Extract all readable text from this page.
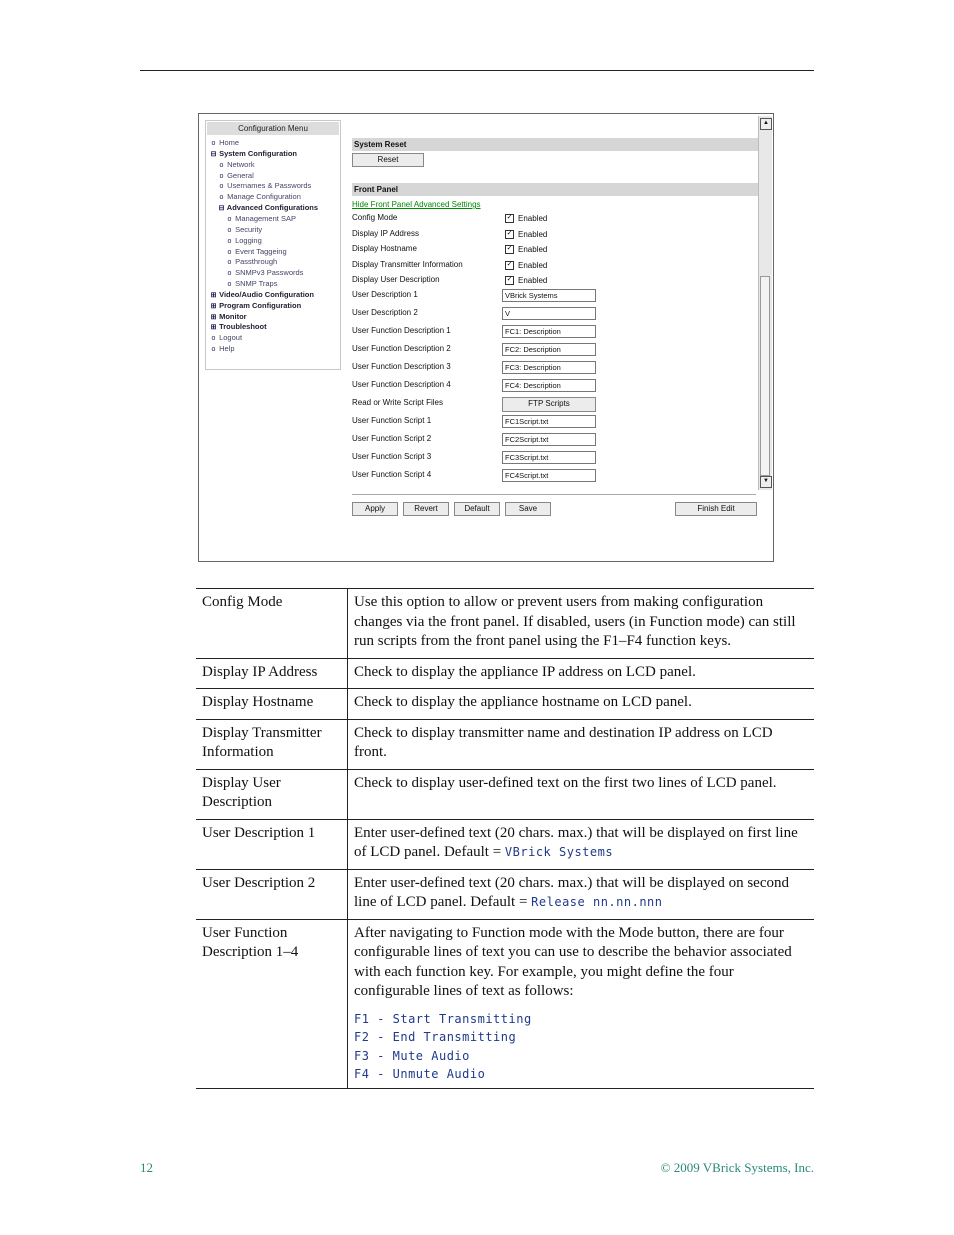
Configuration Menu
o Home
⊟ System Configuration
o Network
o General
o Usernames & Passwords
o Manage Configuration
⊟ Advanced Configurations
o Management SAP
o Security
o Logging
o Event Taggeing
o Passthrough
o SNMPv3 Passwords
o SNMP Traps
⊞ Video/Audio Configuration
⊞ Program Configuration
⊞ Monitor
⊞ Troubleshoot
o Logout
o Help
System Reset
Reset
Front Panel
Hide Front Panel Advanced Settings
Config Mode	✓ Enabled
Display IP Address	✓ Enabled
Display Hostname	✓ Enabled
Display Transmitter Information	✓ Enabled
Display User Description	✓ Enabled
User Description 1	VBrick Systems
User Description 2	V
User Function Description 1	FC1: Description
User Function Description 2	FC2: Description
User Function Description 3	FC3: Description
User Function Description 4	FC4: Description
Read or Write Script Files	FTP Scripts
User Function Script 1	FC1Script.txt
User Function Script 2	FC2Script.txt
User Function Script 3	FC3Script.txt
User Function Script 4	FC4Script.txt
▲
▼
Apply	Revert	Default	Save	Finish Edit
Config Mode	Use this option to allow or prevent users from making configuration changes via the front panel. If disabled, users (in Function mode) can still run scripts from the front panel using the F1–F4 function keys.
Display IP Address	Check to display the appliance IP address on LCD panel.
Display Hostname	Check to display the appliance hostname on LCD panel.
Display Transmitter Information	Check to display transmitter name and destination IP address on LCD front.
Display User Description	Check to display user-defined text on the first two lines of LCD panel.
User Description 1	Enter user-defined text (20 chars. max.) that will be displayed on first line of LCD panel. Default = VBrick Systems
User Description 2	Enter user-defined text (20 chars. max.) that will be displayed on second line of LCD panel. Default = Release nn.nn.nnn
User Function Description 1–4	After navigating to Function mode with the Mode button, there are four configurable lines of text you can use to describe the behavior associated with each function key. For example, you might define the four configurable lines of text as follows:
F1 - Start Transmitting
F2 - End Transmitting
F3 - Mute Audio
F4 - Unmute Audio
12	© 2009 VBrick Systems, Inc.
